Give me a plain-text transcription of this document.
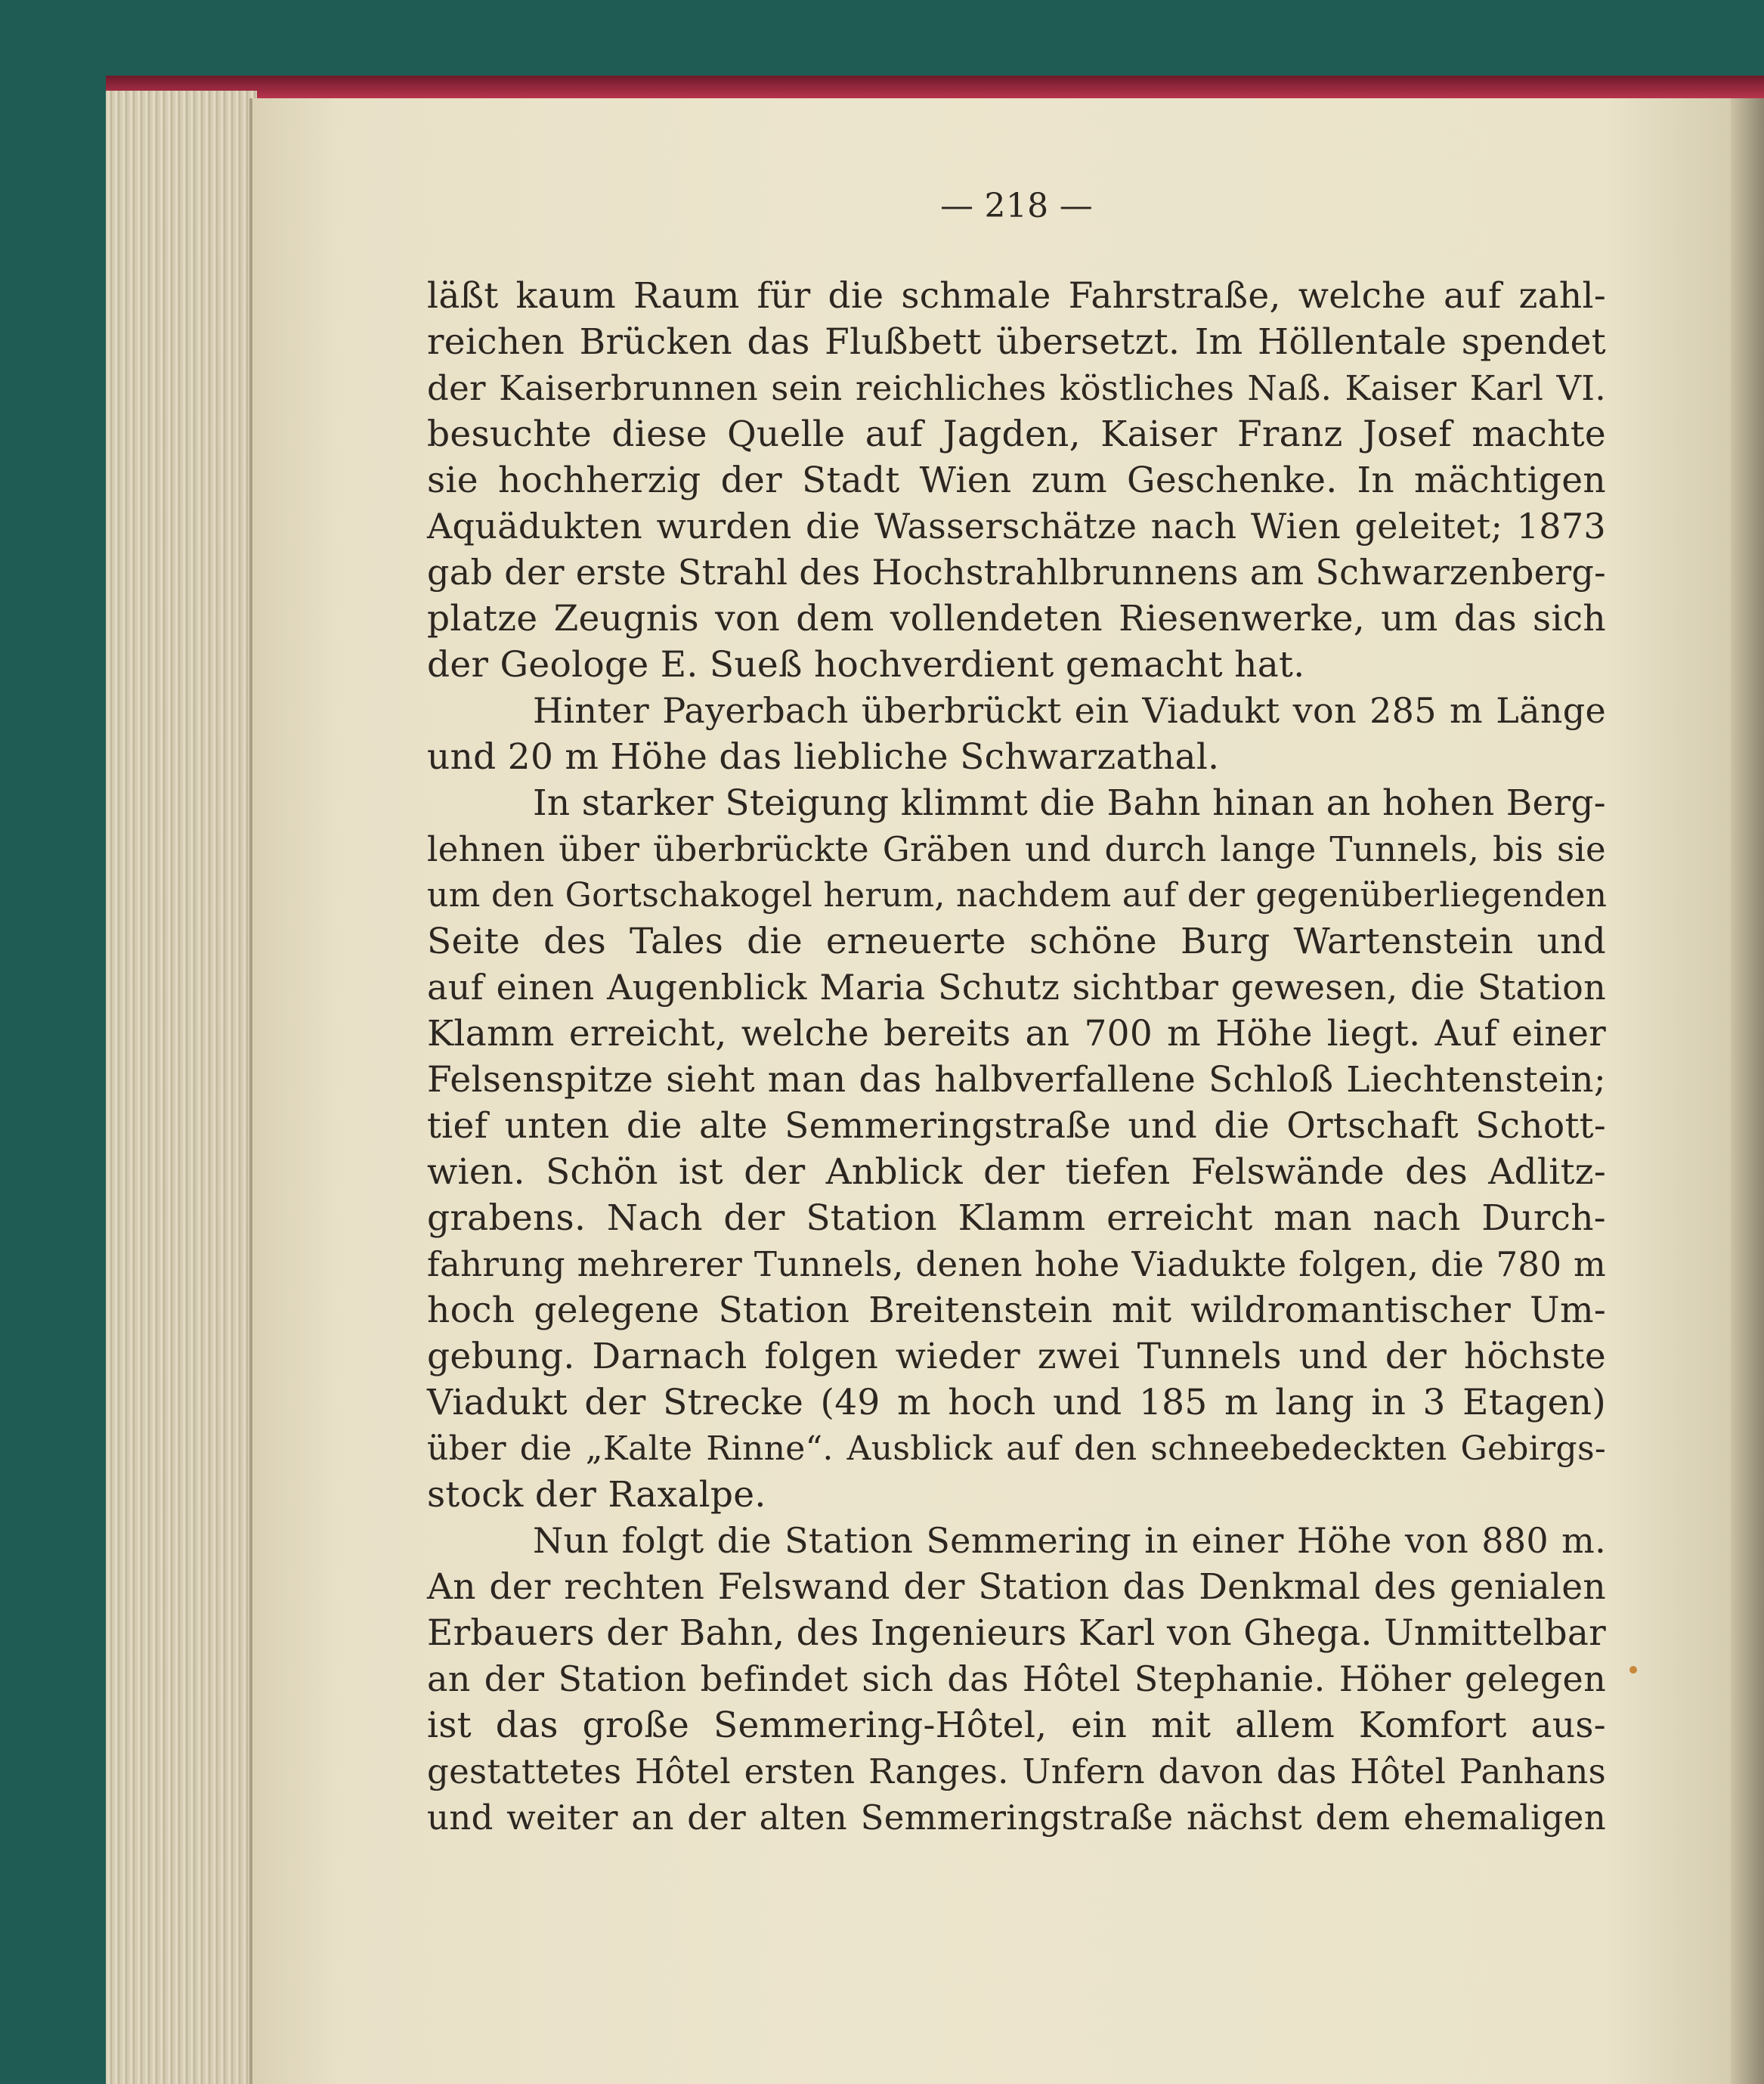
— 218 —

läßt kaum Raum für die schmale Fahrstraße, welche auf zahl-
reichen Brücken das Flußbett übersetzt. Im Höllentale spendet
der Kaiserbrunnen sein reichliches köstliches Naß. Kaiser Karl VI.
besuchte diese Quelle auf Jagden, Kaiser Franz Josef machte
sie hochherzig der Stadt Wien zum Geschenke. In mächtigen
Aquädukten wurden die Wasserschätze nach Wien geleitet; 1873
gab der erste Strahl des Hochstrahlbrunnens am Schwarzenberg-
platze Zeugnis von dem vollendeten Riesenwerke, um das sich
der Geologe E. Sueß hochverdient gemacht hat.

Hinter Payerbach überbrückt ein Viadukt von 285 m Länge
und 20 m Höhe das liebliche Schwarzathal.

In starker Steigung klimmt die Bahn hinan an hohen Berg-
lehnen über überbrückte Gräben und durch lange Tunnels, bis sie
um den Gortschakogel herum, nachdem auf der gegenüberliegenden
Seite des Tales die erneuerte schöne Burg Wartenstein und
auf einen Augenblick Maria Schutz sichtbar gewesen, die Station
Klamm erreicht, welche bereits an 700 m Höhe liegt. Auf einer
Felsenspitze sieht man das halbverfallene Schloß Liechtenstein;
tief unten die alte Semmeringstraße und die Ortschaft Schott-
wien. Schön ist der Anblick der tiefen Felswände des Adlitz-
grabens. Nach der Station Klamm erreicht man nach Durch-
fahrung mehrerer Tunnels, denen hohe Viadukte folgen, die 780 m
hoch gelegene Station Breitenstein mit wildromantischer Um-
gebung. Darnach folgen wieder zwei Tunnels und der höchste
Viadukt der Strecke (49 m hoch und 185 m lang in 3 Etagen)
über die „Kalte Rinne“. Ausblick auf den schneebedeckten Gebirgs-
stock der Raxalpe.

Nun folgt die Station Semmering in einer Höhe von 880 m.
An der rechten Felswand der Station das Denkmal des genialen
Erbauers der Bahn, des Ingenieurs Karl von Ghega. Unmittelbar
an der Station befindet sich das Hôtel Stephanie. Höher gelegen
ist das große Semmering-Hôtel, ein mit allem Komfort aus-
gestattetes Hôtel ersten Ranges. Unfern davon das Hôtel Panhans
und weiter an der alten Semmeringstraße nächst dem ehemaligen
